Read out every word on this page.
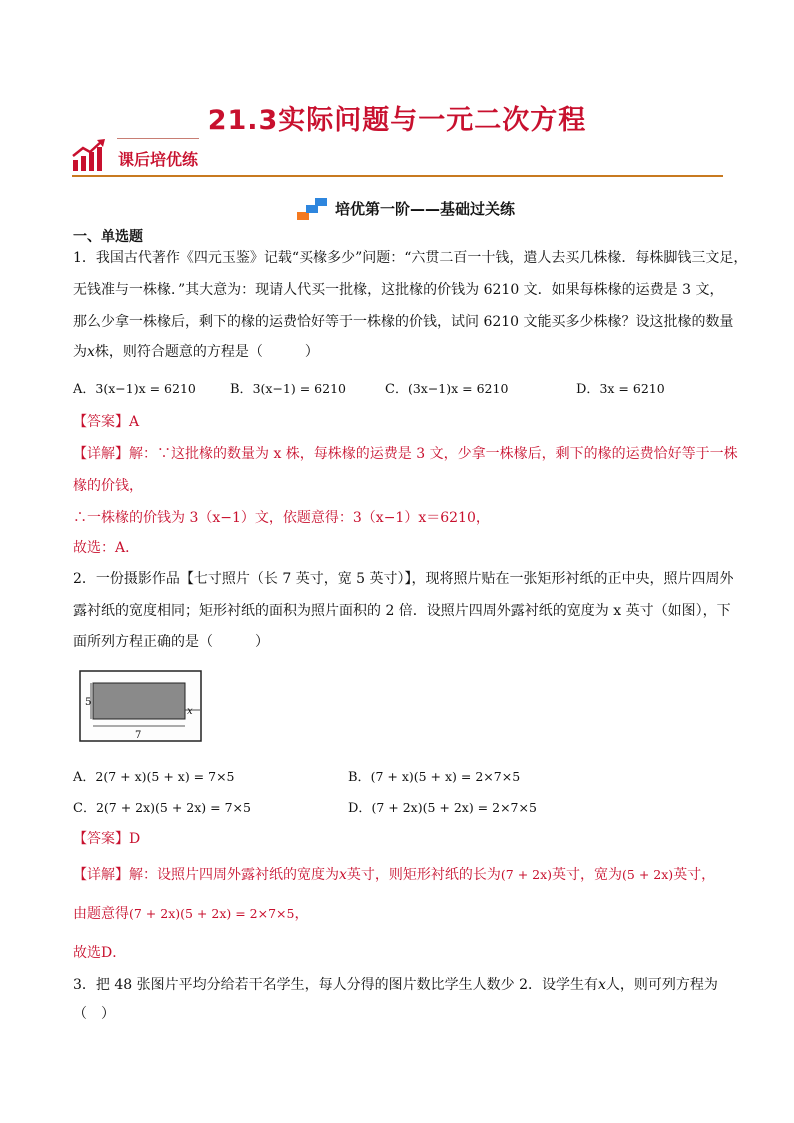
21.3实际问题与一元二次方程
课后培优练
培优第一阶——基础过关练
一、单选题
1．我国古代著作《四元玉鉴》记载“买椽多少”问题：“六贯二百一十钱，遣人去买几株椽．每株脚钱三文足，
无钱准与一株椽．”其大意为：现请人代买一批椽，这批椽的价钱为 6210 文．如果每株椽的运费是 3 文，
那么少拿一株椽后，剩下的椽的运费恰好等于一株椽的价钱，试问 6210 文能买多少株椽？设这批椽的数量
为x株，则符合题意的方程是（　　　）
A．3(x−1)x = 6210	B．3(x−1) = 6210	C．(3x−1)x = 6210	D．3x = 6210
【答案】A
【详解】解：∵这批椽的数量为 x 株，每株椽的运费是 3 文，少拿一株椽后，剩下的椽的运费恰好等于一株
椽的价钱，
∴一株椽的价钱为 3（x−1）文，依题意得：3（x−1）x＝6210，
故选：A．
2．一份摄影作品【七寸照片（长 7 英寸，宽 5 英寸）】，现将照片贴在一张矩形衬纸的正中央，照片四周外
露衬纸的宽度相同；矩形衬纸的面积为照片面积的 2 倍．设照片四周外露衬纸的宽度为 x 英寸（如图），下
面所列方程正确的是（　　　）
5
7
x
A．2(7 + x)(5 + x) = 7×5	B．(7 + x)(5 + x) = 2×7×5
C．2(7 + 2x)(5 + 2x) = 7×5	D．(7 + 2x)(5 + 2x) = 2×7×5
【答案】D
【详解】解：设照片四周外露衬纸的宽度为x英寸，则矩形衬纸的长为(7 + 2x)英寸，宽为(5 + 2x)英寸，
由题意得(7 + 2x)(5 + 2x) = 2×7×5，
故选D．
3．把 48 张图片平均分给若干名学生，每人分得的图片数比学生人数少 2．设学生有x人，则可列方程为
（　）
